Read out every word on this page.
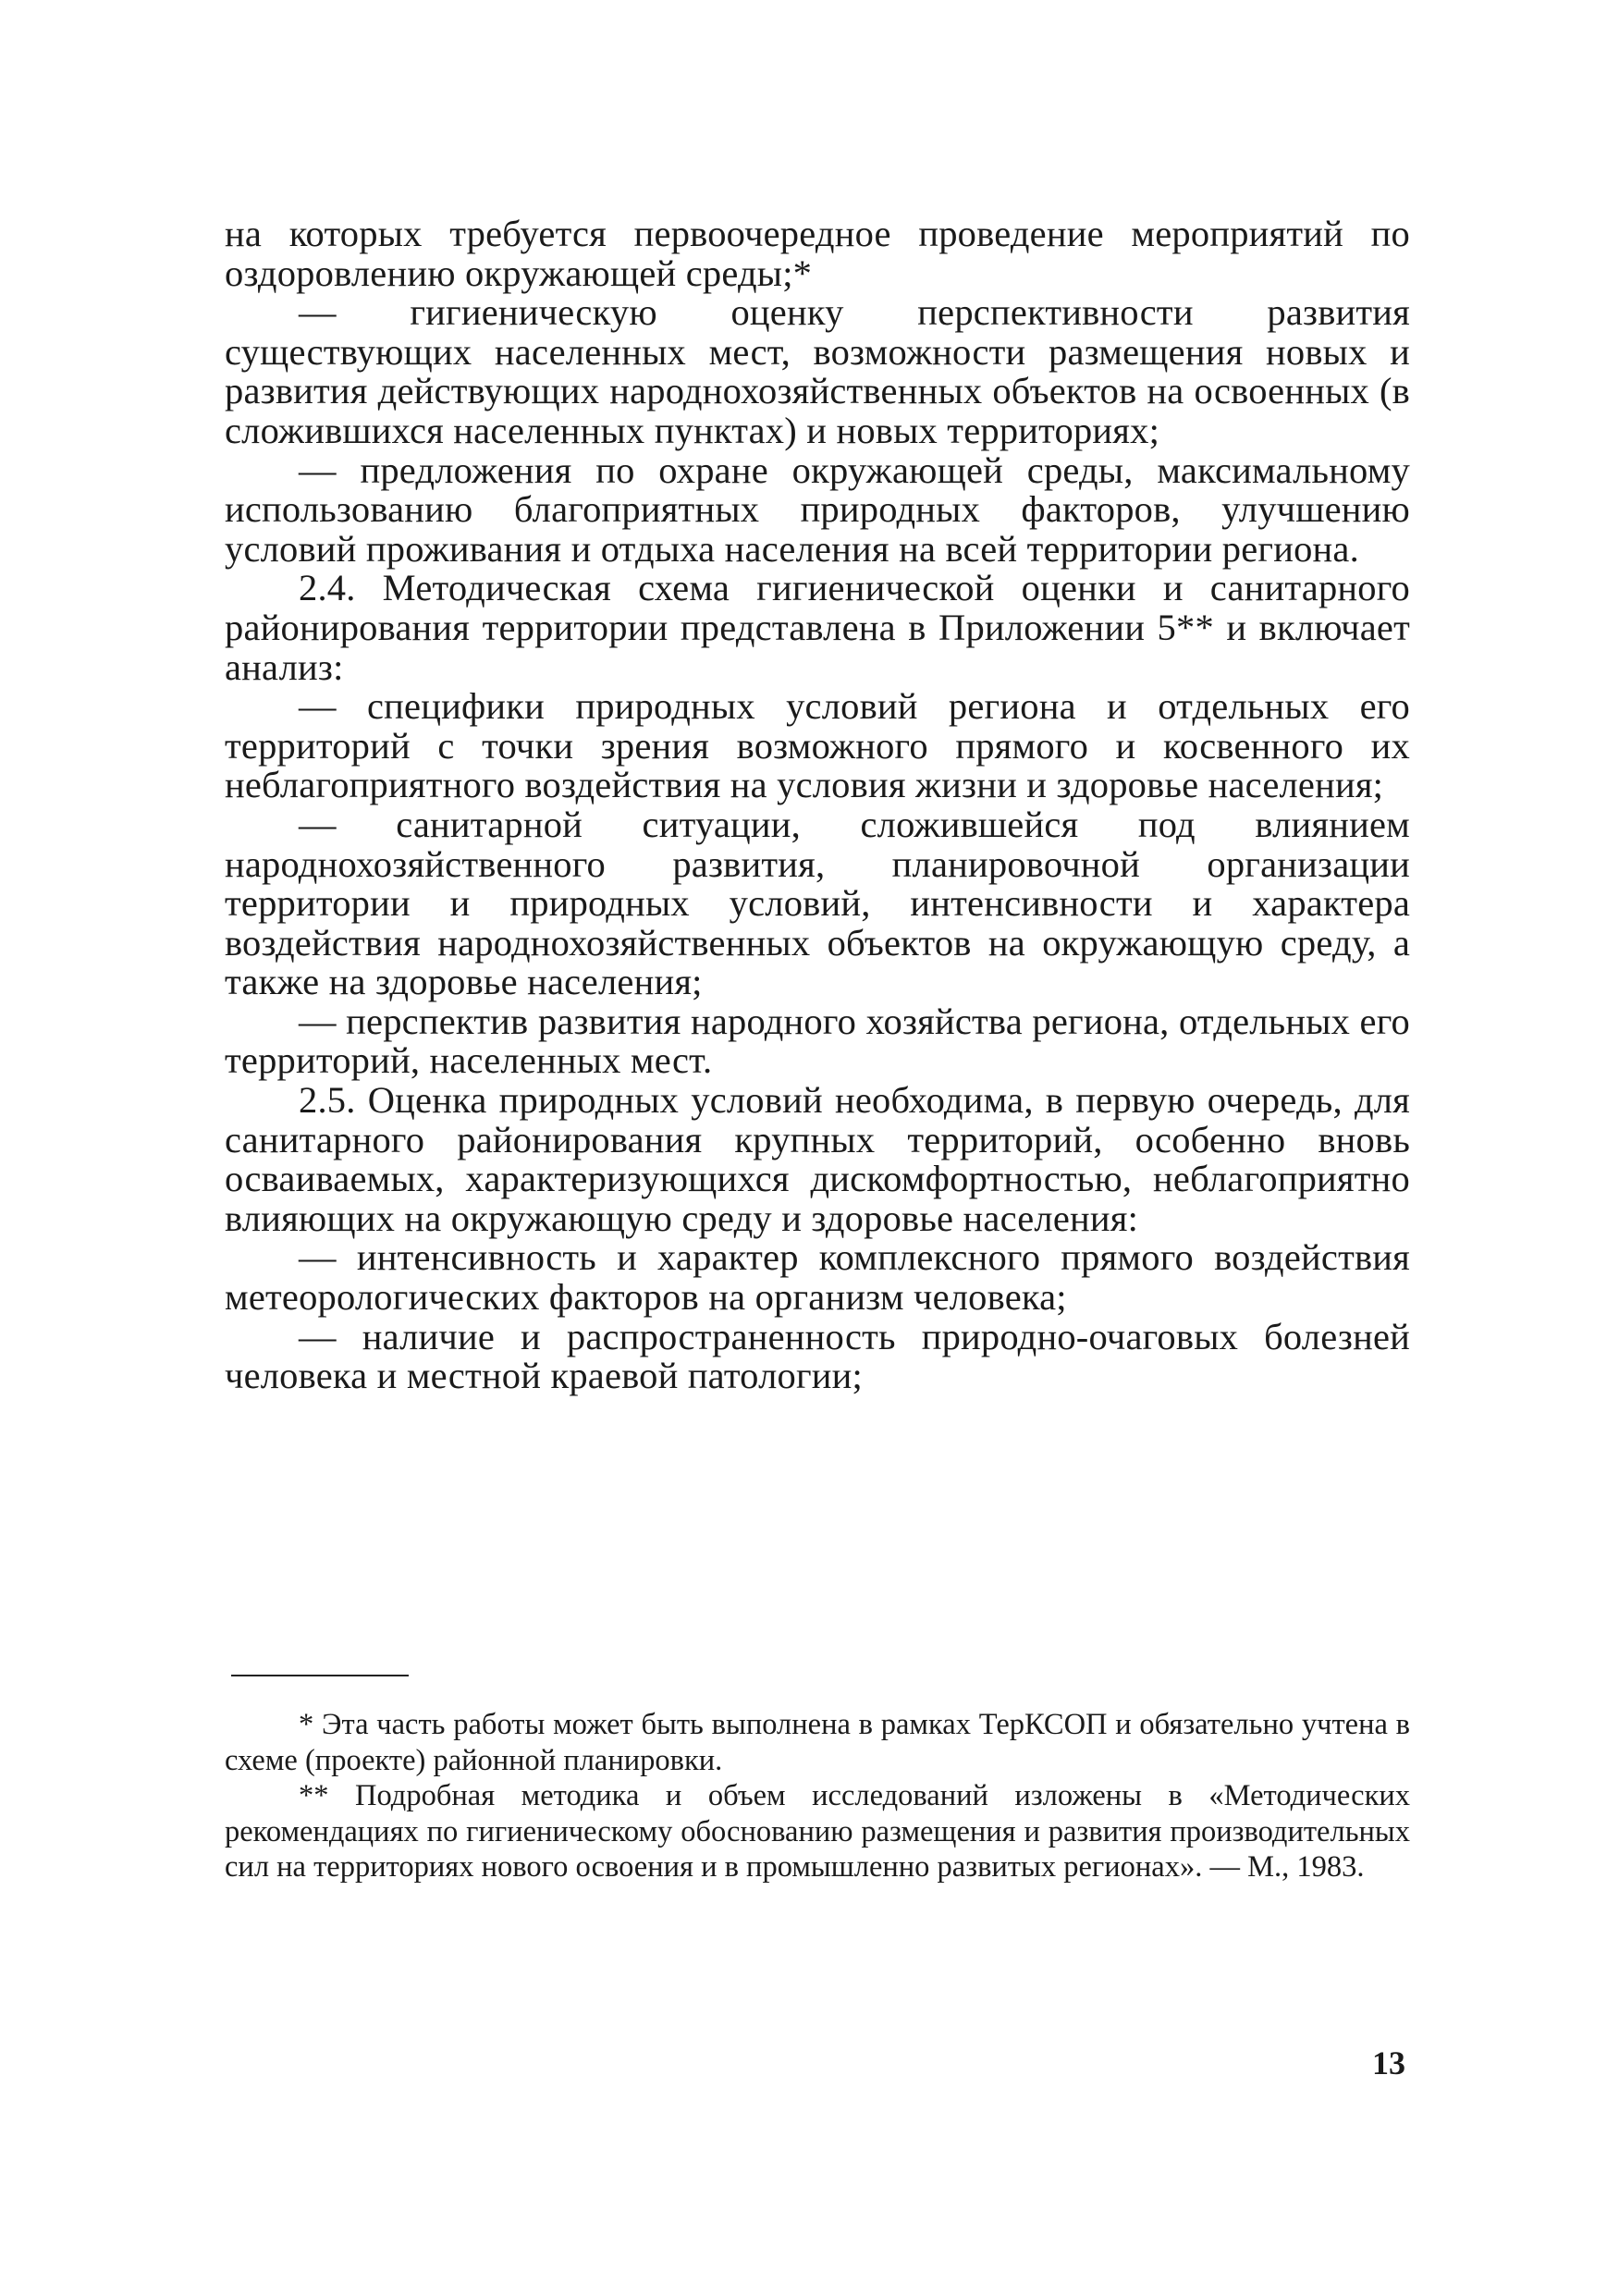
на которых требуется первоочередное проведение мероприятий по оздоровлению окружающей среды;*

— гигиеническую оценку перспективности развития существующих населенных мест, возможности размещения новых и развития действующих народнохозяйственных объектов на освоенных (в сложившихся населенных пунктах) и новых территориях;

— предложения по охране окружающей среды, максимальному использованию благоприятных природных факторов, улучшению условий проживания и отдыха населения на всей территории региона.

2.4. Методическая схема гигиенической оценки и санитарного районирования территории представлена в Приложении 5** и включает анализ:

— специфики природных условий региона и отдельных его территорий с точки зрения возможного прямого и косвенного их неблагоприятного воздействия на условия жизни и здоровье населения;

— санитарной ситуации, сложившейся под влиянием народнохозяйственного развития, планировочной организации территории и природных условий, интенсивности и характера воздействия народнохозяйственных объектов на окружающую среду, а также на здоровье населения;

— перспектив развития народного хозяйства региона, отдельных его территорий, населенных мест.

2.5. Оценка природных условий необходима, в первую очередь, для санитарного районирования крупных территорий, особенно вновь осваиваемых, характеризующихся дискомфортностью, неблагоприятно влияющих на окружающую среду и здоровье населения:

— интенсивность и характер комплексного прямого воздействия метеорологических факторов на организм человека;

— наличие и распространенность природно-очаговых болезней человека и местной краевой патологии;

* Эта часть работы может быть выполнена в рамках ТерКСОП и обязательно учтена в схеме (проекте) районной планировки.

** Подробная методика и объем исследований изложены в «Методических рекомендациях по гигиеническому обоснованию размещения и развития производительных сил на территориях нового освоения и в промышленно развитых регионах». — М., 1983.

13
